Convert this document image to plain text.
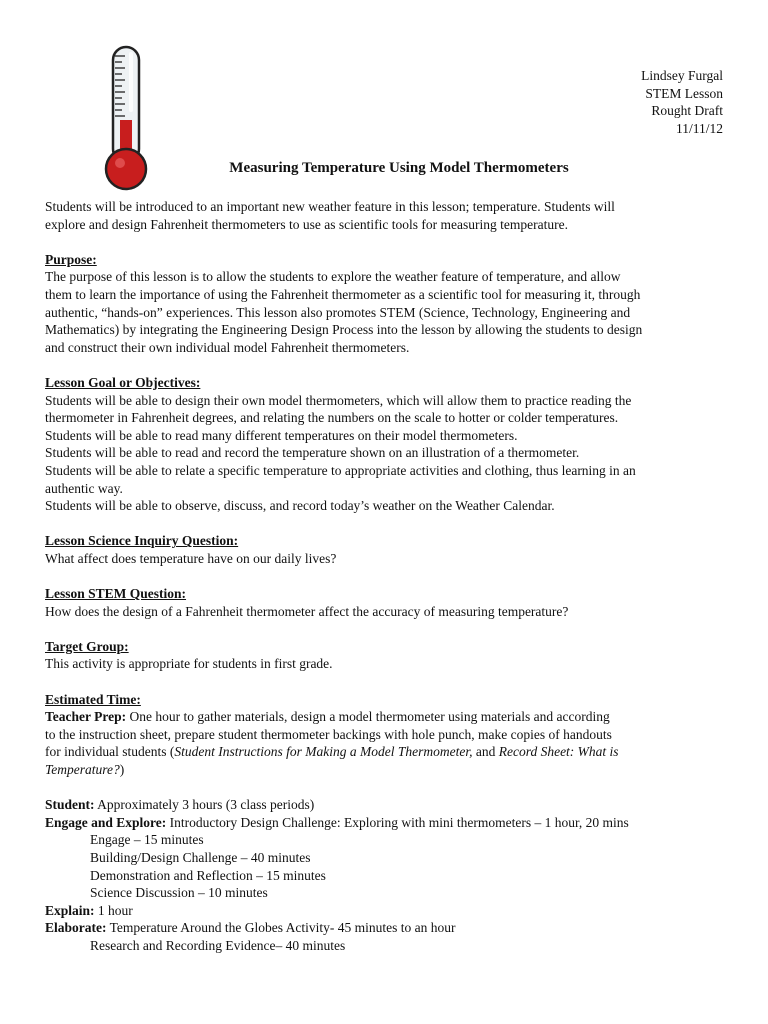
Lindsey Furgal
STEM Lesson
Rought Draft
11/11/12
Measuring Temperature Using Model Thermometers

Students will be introduced to an important new weather feature in this lesson; temperature. Students will

explore and design Fahrenheit thermometers to use as scientific tools for measuring temperature.

Purpose:

The purpose of this lesson is to allow the students to explore the weather feature of temperature, and allow

them to learn the importance of using the Fahrenheit thermometer as a scientific tool for measuring it, through

authentic, “hands-on” experiences. This lesson also promotes STEM (Science, Technology, Engineering and

Mathematics) by integrating the Engineering Design Process into the lesson by allowing the students to design

and construct their own individual model Fahrenheit thermometers.

Lesson Goal or Objectives:

Students will be able to design their own model thermometers, which will allow them to practice reading the

thermometer in Fahrenheit degrees, and relating the numbers on the scale to hotter or colder temperatures.

Students will be able to read many different temperatures on their model thermometers.

Students will be able to read and record the temperature shown on an illustration of a thermometer.

Students will be able to relate a specific temperature to appropriate activities and clothing, thus learning in an

authentic way.

Students will be able to observe, discuss, and record today’s weather on the Weather Calendar.

Lesson Science Inquiry Question:

What affect does temperature have on our daily lives?

Lesson STEM Question:

How does the design of a Fahrenheit thermometer affect the accuracy of measuring temperature?

Target Group:

This activity is appropriate for students in first grade.

Estimated Time:

Teacher Prep: One hour to gather materials, design a model thermometer using materials and according

to the instruction sheet, prepare student thermometer backings with hole punch, make copies of handouts

for individual students (Student Instructions for Making a Model Thermometer, and Record Sheet: What is

Temperature?)

Student: Approximately 3 hours (3 class periods)

Engage and Explore: Introductory Design Challenge: Exploring with mini thermometers – 1 hour, 20 mins

Engage – 15 minutes

Building/Design Challenge – 40 minutes

Demonstration and Reflection – 15 minutes

Science Discussion – 10 minutes

Explain: 1 hour

Elaborate: Temperature Around the Globes Activity- 45 minutes to an hour

Research and Recording Evidence– 40 minutes
